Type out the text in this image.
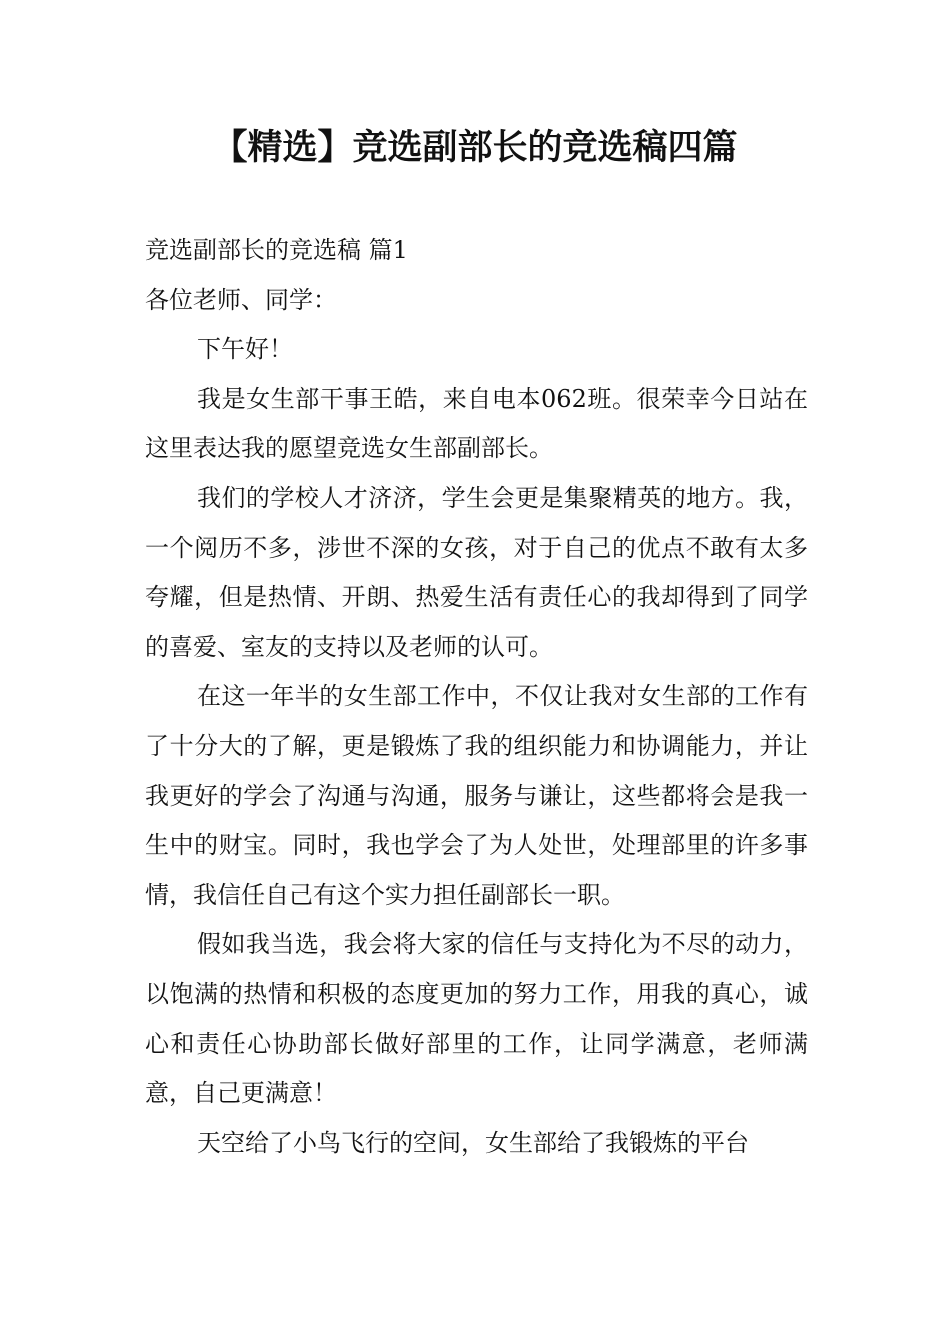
【精选】竞选副部长的竞选稿四篇

竞选副部长的竞选稿 篇1

各位老师、同学：

下午好！

我是女生部干事王皓，来自电本062班。很荣幸今日站在这里表达我的愿望竞选女生部副部长。

我们的学校人才济济，学生会更是集聚精英的地方。我，一个阅历不多，涉世不深的女孩，对于自己的优点不敢有太多夸耀，但是热情、开朗、热爱生活有责任心的我却得到了同学的喜爱、室友的支持以及老师的认可。

在这一年半的女生部工作中，不仅让我对女生部的工作有了十分大的了解，更是锻炼了我的组织能力和协调能力，并让我更好的学会了沟通与沟通，服务与谦让，这些都将会是我一生中的财宝。同时，我也学会了为人处世，处理部里的许多事情，我信任自己有这个实力担任副部长一职。

假如我当选，我会将大家的信任与支持化为不尽的动力，以饱满的热情和积极的态度更加的努力工作，用我的真心，诚心和责任心协助部长做好部里的工作，让同学满意，老师满意，自己更满意！

天空给了小鸟飞行的空间，女生部给了我锻炼的平台
